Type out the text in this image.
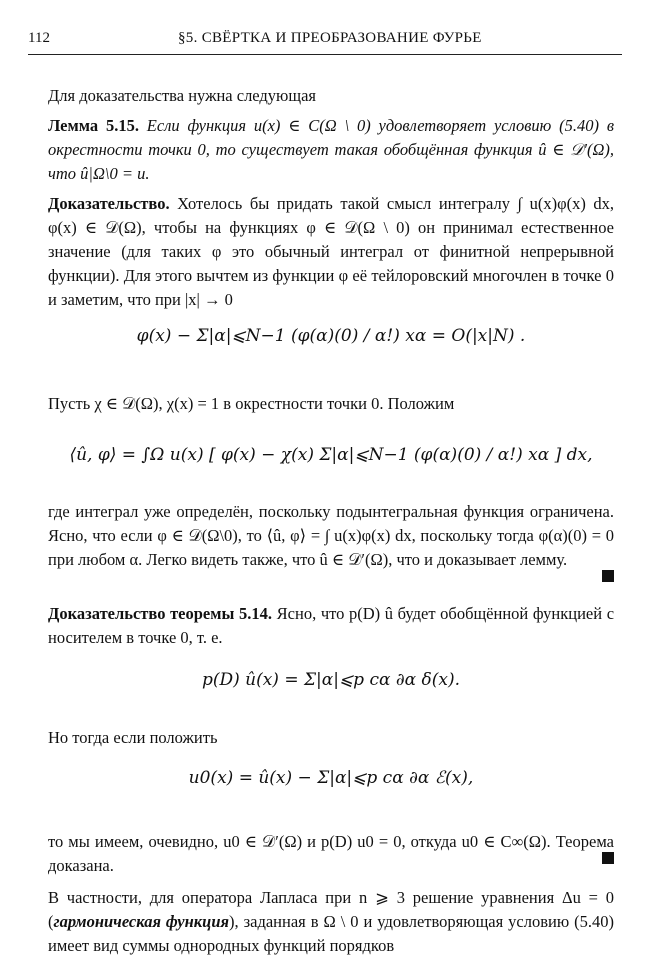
112	§5. СВЁРТКА И ПРЕОБРАЗОВАНИЕ ФУРЬЕ

Для доказательства нужна следующая

Лемма 5.15. Если функция u(x) ∈ C(Ω \ 0) удовлетворяет условию (5.40) в окрестности точки 0, то существует такая обобщённая функция û ∈ 𝒟′(Ω), что û|Ω\0 = u.

Доказательство. Хотелось бы придать такой смысл интегралу ∫ u(x)φ(x) dx, φ(x) ∈ 𝒟(Ω), чтобы на функциях φ ∈ 𝒟(Ω \ 0) он принимал естественное значение (для таких φ это обычный интеграл от финитной непрерывной функции). Для этого вычтем из функции φ её тейлоровский многочлен в точке 0 и заметим, что при |x| → 0

φ(x) − Σ|α|⩽N−1 (φ(α)(0) / α!) xα = O(|x|N) .

Пусть χ ∈ 𝒟(Ω), χ(x) = 1 в окрестности точки 0. Положим

⟨û, φ⟩ = ∫Ω u(x) [ φ(x) − χ(x) Σ|α|⩽N−1 (φ(α)(0) / α!) xα ] dx,

где интеграл уже определён, поскольку подынтегральная функция ограничена. Ясно, что если φ ∈ 𝒟(Ω\0), то ⟨û, φ⟩ = ∫ u(x)φ(x) dx, поскольку тогда φ(α)(0) = 0 при любом α. Легко видеть также, что û ∈ 𝒟′(Ω), что и доказывает лемму.

Доказательство теоремы 5.14. Ясно, что p(D) û будет обобщённой функцией с носителем в точке 0, т. е.

p(D) û(x) = Σ|α|⩽p cα ∂α δ(x).

Но тогда если положить

u0(x) = û(x) − Σ|α|⩽p cα ∂α ℰ(x),

то мы имеем, очевидно, u0 ∈ 𝒟′(Ω) и p(D) u0 = 0, откуда u0 ∈ C∞(Ω). Теорема доказана.

В частности, для оператора Лапласа при n ⩾ 3 решение уравнения Δu = 0 (гармоническая функция), заданная в Ω \ 0 и удовлетворяющая условию (5.40) имеет вид суммы однородных функций порядков
